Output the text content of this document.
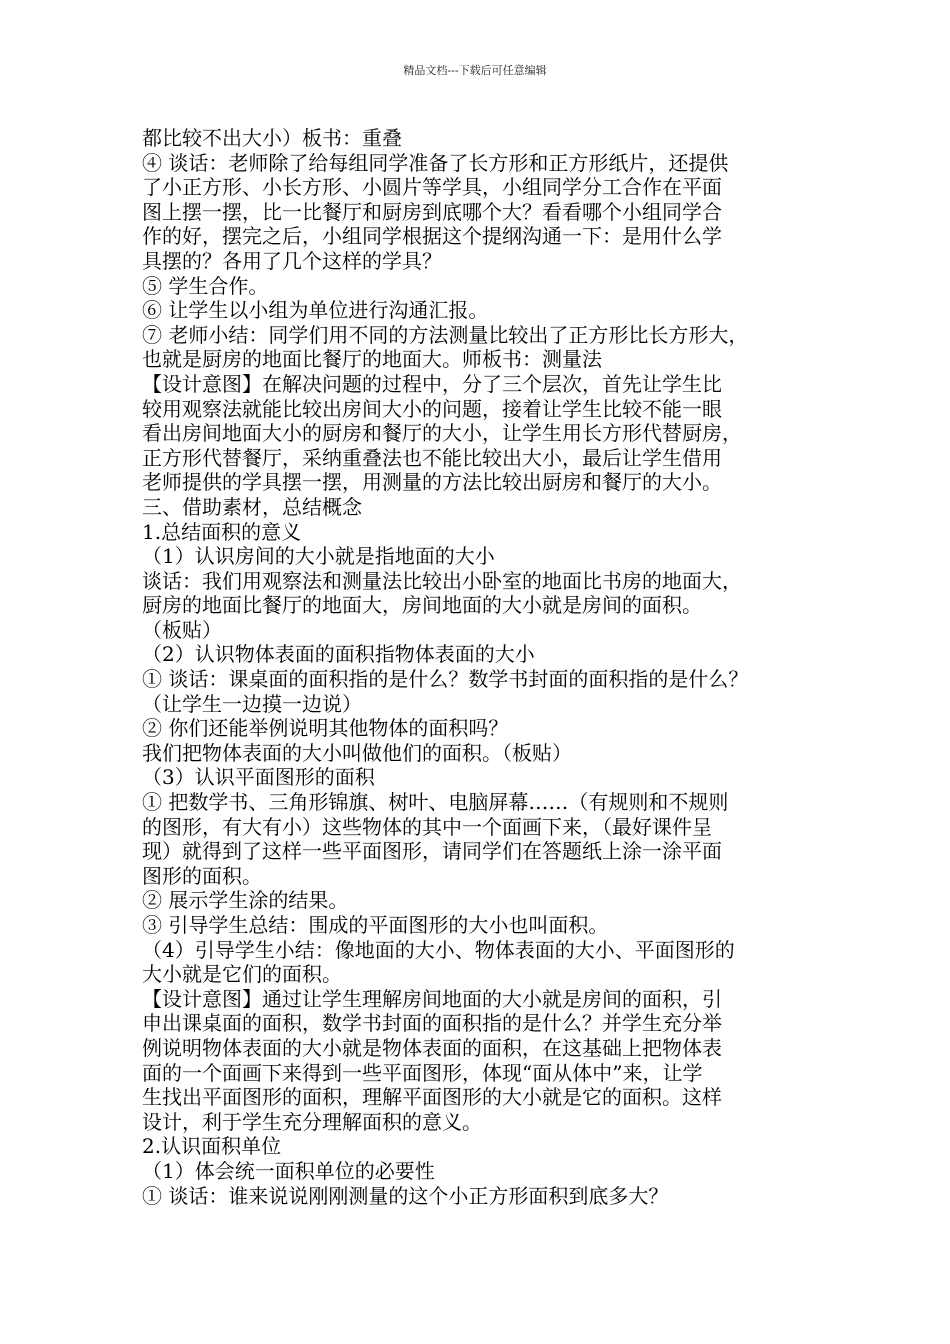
精品文档---下载后可任意编辑
都比较不出大小）板书：重叠
④ 谈话：老师除了给每组同学准备了长方形和正方形纸片，还提供
了小正方形、小长方形、小圆片等学具，小组同学分工合作在平面
图上摆一摆，比一比餐厅和厨房到底哪个大？看看哪个小组同学合
作的好，摆完之后，小组同学根据这个提纲沟通一下：是用什么学
具摆的？各用了几个这样的学具？
⑤ 学生合作。
⑥ 让学生以小组为单位进行沟通汇报。
⑦ 老师小结：同学们用不同的方法测量比较出了正方形比长方形大，
也就是厨房的地面比餐厅的地面大。师板书：测量法
【设计意图】在解决问题的过程中，分了三个层次，首先让学生比
较用观察法就能比较出房间大小的问题，接着让学生比较不能一眼
看出房间地面大小的厨房和餐厅的大小，让学生用长方形代替厨房，
正方形代替餐厅，采纳重叠法也不能比较出大小，最后让学生借用
老师提供的学具摆一摆，用测量的方法比较出厨房和餐厅的大小。
三、借助素材，总结概念
1.总结面积的意义
（1）认识房间的大小就是指地面的大小
谈话：我们用观察法和测量法比较出小卧室的地面比书房的地面大，
厨房的地面比餐厅的地面大，房间地面的大小就是房间的面积。
（板贴）
（2）认识物体表面的面积指物体表面的大小
① 谈话：课桌面的面积指的是什么？数学书封面的面积指的是什么？
（让学生一边摸一边说）
② 你们还能举例说明其他物体的面积吗？
我们把物体表面的大小叫做他们的面积。（板贴）
（3）认识平面图形的面积
① 把数学书、三角形锦旗、树叶、电脑屏幕……（有规则和不规则
的图形，有大有小）这些物体的其中一个面画下来，（最好课件呈
现）就得到了这样一些平面图形，请同学们在答题纸上涂一涂平面
图形的面积。
② 展示学生涂的结果。
③ 引导学生总结：围成的平面图形的大小也叫面积。
（4）引导学生小结：像地面的大小、物体表面的大小、平面图形的
大小就是它们的面积。
【设计意图】通过让学生理解房间地面的大小就是房间的面积，引
申出课桌面的面积，数学书封面的面积指的是什么？并学生充分举
例说明物体表面的大小就是物体表面的面积，在这基础上把物体表
面的一个面画下来得到一些平面图形，体现“面从体中”来，让学
生找出平面图形的面积，理解平面图形的大小就是它的面积。这样
设计，利于学生充分理解面积的意义。
2.认识面积单位
（1）体会统一面积单位的必要性
① 谈话：谁来说说刚刚测量的这个小正方形面积到底多大？
